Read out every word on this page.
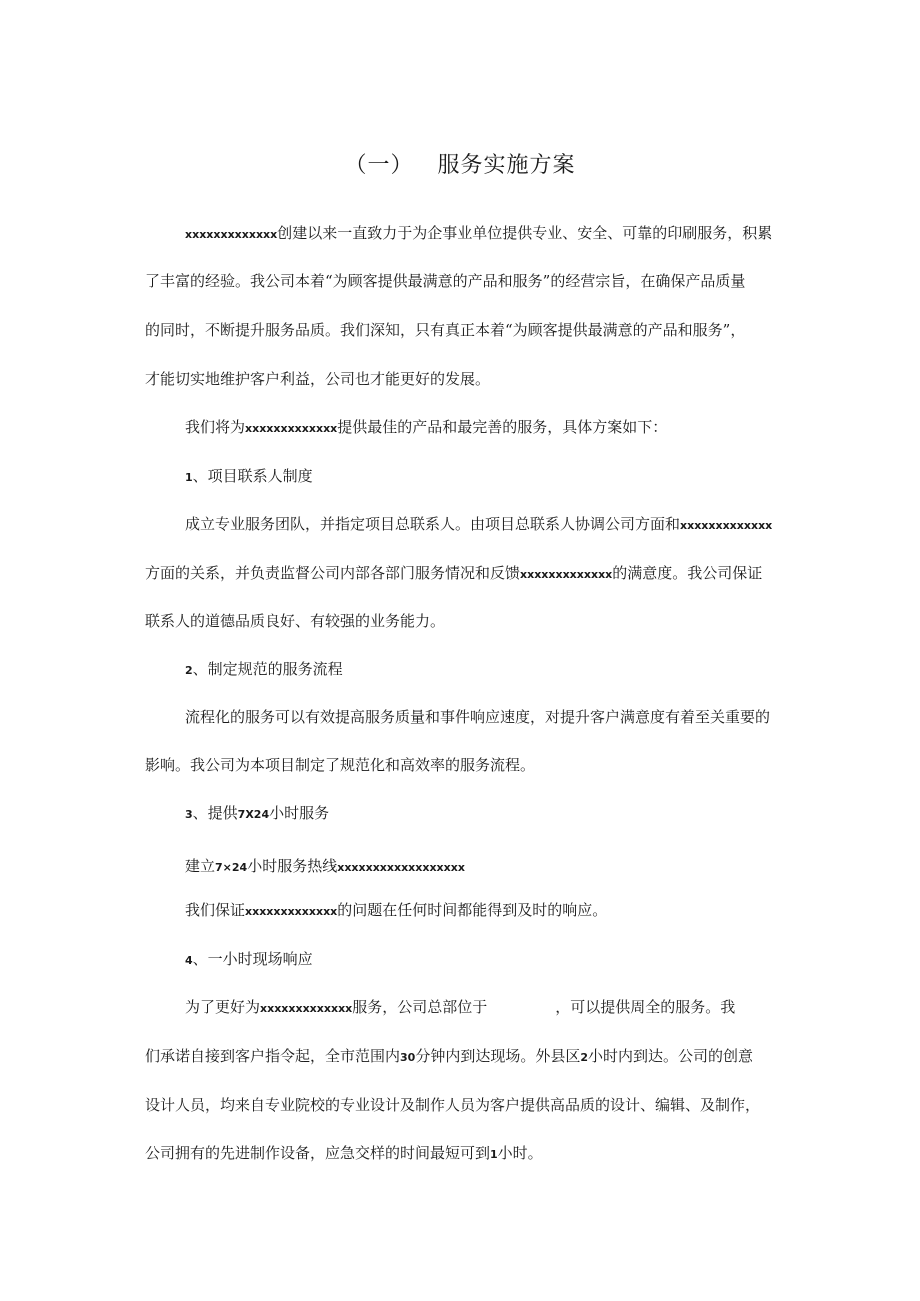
（一） 服务实施方案
xxxxxxxxxxxxx创建以来一直致力于为企事业单位提供专业、安全、可靠的印刷服务，积累
了丰富的经验。我公司本着“为顾客提供最满意的产品和服务”的经营宗旨，在确保产品质量
的同时，不断提升服务品质。我们深知，只有真正本着“为顾客提供最满意的产品和服务”，
才能切实地维护客户利益，公司也才能更好的发展。
我们将为xxxxxxxxxxxxx提供最佳的产品和最完善的服务，具体方案如下：
1、项目联系人制度
成立专业服务团队，并指定项目总联系人。由项目总联系人协调公司方面和xxxxxxxxxxxxx
方面的关系，并负责监督公司内部各部门服务情况和反馈xxxxxxxxxxxxx的满意度。我公司保证
联系人的道德品质良好、有较强的业务能力。
2、制定规范的服务流程
流程化的服务可以有效提高服务质量和事件响应速度，对提升客户满意度有着至关重要的
影响。我公司为本项目制定了规范化和高效率的服务流程。
3、提供7X24小时服务
建立7×24小时服务热线xxxxxxxxxxxxxxxxxx
我们保证xxxxxxxxxxxxx的问题在任何时间都能得到及时的响应。
4、一小时现场响应
为了更好为xxxxxxxxxxxxx服务，公司总部位于	，可以提供周全的服务。我
们承诺自接到客户指令起，全市范围内30分钟内到达现场。外县区2小时内到达。公司的创意
设计人员，均来自专业院校的专业设计及制作人员为客户提供高品质的设计、编辑、及制作，
公司拥有的先进制作设备，应急交样的时间最短可到1小时。
